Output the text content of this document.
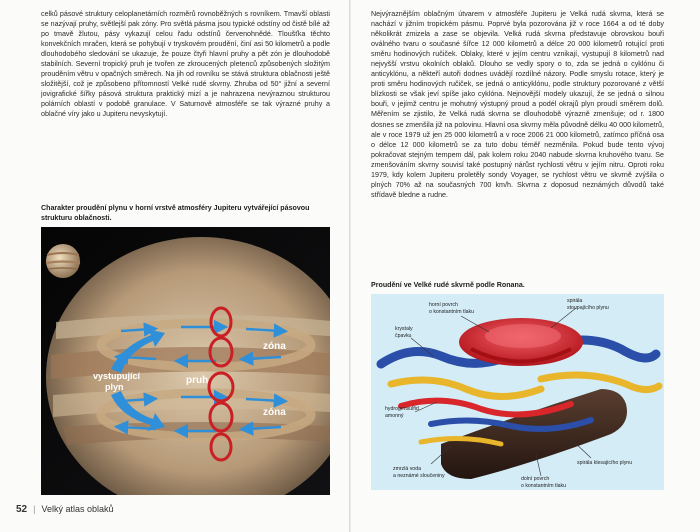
celků pásové struktury celoplanetárních rozměrů rovnoběžných s rovníkem. Tmavší oblasti se nazývají pruhy, světlejší pak zóny. Pro světlá pásma jsou typické odstíny od čistě bílé až po tmavě žlutou, pásy vykazují celou řadu odstínů červenohnědé. Tloušťka těchto konvekčních mračen, která se pohybují v tryskovém proudění, činí asi 50 kilometrů a podle dlouhodobého sledování se ukazuje, že pouze čtyři hlavní pruhy a pět zón je dlouhodobě stabilních. Severní tropický pruh je tvořen ze zkroucených pletenců způsobených složitým prouděním větru v opačných směrech. Na jih od rovníku se stává struktura oblačnosti ještě složitější, což je způsobeno přítomností Velké rudé skvrny. Zhruba od 50° jižní a severní jovigrafické šířky pásová struktura praktický mizí a je nahrazena nevýraznou strukturou polárních oblastí v podobě granulace. V Saturnově atmosféře se tak výrazné pruhy a oblačné víry jako u Jupiteru nevyskytují.

Charakter proudění plynu v horní vrstvě atmosféry Jupiteru vytvářející pásovou strukturu oblačnosti.

zóna
zóna
pruh
vystupující
plyn
52 | Velký atlas oblaků

Nejvýraznějším oblačným útvarem v atmosféře Jupiteru je Velká rudá skvrna, která se nachází v jižním tropickém pásmu. Poprvé byla pozorována již v roce 1664 a od té doby několikrát zmizela a zase se objevila. Velká rudá skvrna představuje obrovskou bouři oválného tvaru o současné šířce 12 000 kilometrů a délce 20 000 kilometrů rotující proti směru hodinových ručiček. Oblaky, které v jejím centru vznikají, vystupují 8 kilometrů nad nejvyšší vrstvu okolních oblaků. Dlouho se vedly spory o to, zda se jedná o cyklónu či anticyklónu, a někteří autoři dodnes uvádějí rozdílné názory. Podle smyslu rotace, který je proti směru hodinových ručiček, se jedná o anticyklónu, podle struktury pozorované z větší blízkosti se však jeví spíše jako cyklóna. Nejnovější modely ukazují, že se jedná o silnou bouři, v jejímž centru je mohutný výstupný proud a podél okrajů plyn proudí směrem dolů. Měřením se zjistilo, že Velká rudá skvrna se dlouhodobě výrazně zmenšuje; od r. 1800 dosnes se zmenšila již na polovinu. Hlavní osa skvrny měla původně délku 40 000 kilometrů, ale v roce 1979 už jen 25 000 kilometrů a v roce 2006 21 000 kilometrů, zatímco příčná osa o délce 12 000 kilometrů se za tuto dobu téměř nezměnila. Pokud bude tento vývoj pokračovat stejným tempem dál, pak kolem roku 2040 nabude skvrna kruhového tvaru. Se zmenšováním skvrny souvisí také postupný nárůst rychlosti větru v jejím nitru. Oproti roku 1979, kdy kolem Jupiteru proletěly sondy Voyager, se rychlost větru ve skvrně zvýšila o plných 70% až na současných 700 km/h. Skvrna z doposud neznámých důvodů také střídavě bledne a rudne.

Proudění ve Velké rudé skvrně podle Ronana.

horní povrch
o konstantním tlaku
spirála
stoupajícího plynu
krystaly
čpavku
hydrogensulfid
amonný
spirála klesajícího plynu
zmrzlá voda
a neznámé sloučeniny	dolní povrch
o konstantním tlaku
